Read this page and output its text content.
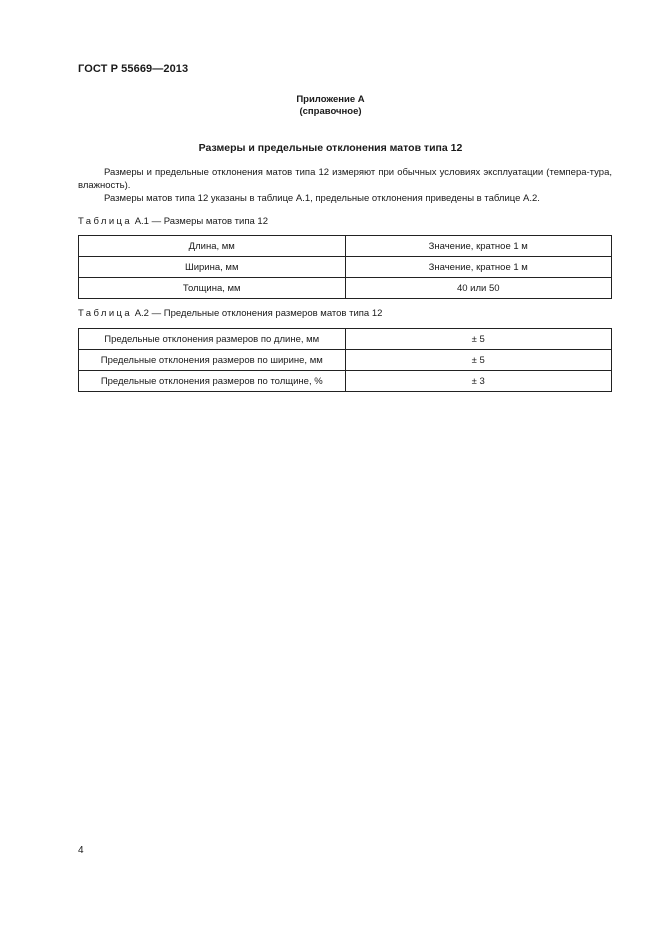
ГОСТ Р 55669—2013
Приложение А
(справочное)
Размеры и предельные отклонения матов типа 12
Размеры и предельные отклонения матов типа 12 измеряют при обычных условиях эксплуатации (темпера-тура, влажность).
Размеры матов типа 12 указаны в таблице А.1, предельные отклонения приведены в таблице А.2.
Таблица А.1 — Размеры матов типа 12
Длина, мм	Значение, кратное 1 м
Ширина, мм	Значение, кратное 1 м
Толщина, мм	40 или 50
Таблица А.2 — Предельные отклонения размеров матов типа 12
Предельные отклонения размеров по длине, мм	± 5
Предельные отклонения размеров по ширине, мм	± 5
Предельные отклонения размеров по толщине, %	± 3
4
